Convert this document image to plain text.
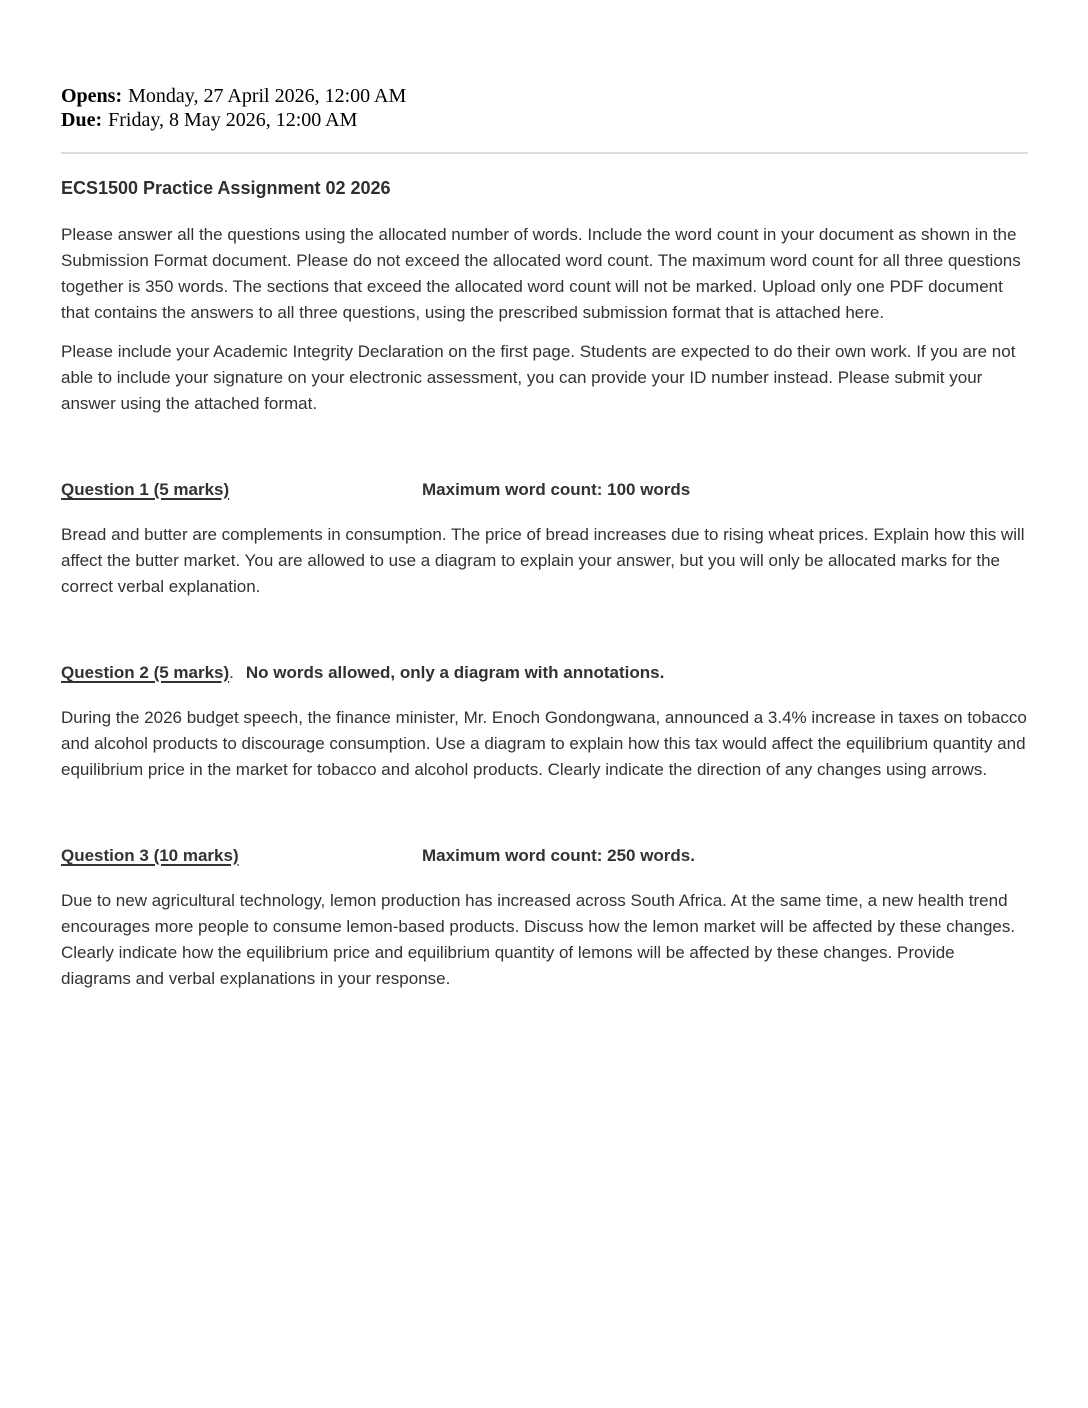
Opens: Monday, 27 April 2026, 12:00 AM

Due: Friday, 8 May 2026, 12:00 AM

ECS1500 Practice Assignment 02 2026

Please answer all the questions using the allocated number of words. Include the word count in your document as shown in the Submission Format document. Please do not exceed the allocated word count. The maximum word count for all three questions together is 350 words. The sections that exceed the allocated word count will not be marked. Upload only one PDF document that contains the answers to all three questions, using the prescribed submission format that is attached here.

Please include your Academic Integrity Declaration on the first page. Students are expected to do their own work. If you are not able to include your signature on your electronic assessment, you can provide your ID number instead. Please submit your answer using the attached format.

Question 1 (5 marks)	Maximum word count: 100 words

Bread and butter are complements in consumption. The price of bread increases due to rising wheat prices. Explain how this will affect the butter market. You are allowed to use a diagram to explain your answer, but you will only be allocated marks for the correct verbal explanation.

Question 2 (5 marks). No words allowed, only a diagram with annotations.

During the 2026 budget speech, the finance minister, Mr. Enoch Gondongwana, announced a 3.4% increase in taxes on tobacco and alcohol products to discourage consumption. Use a diagram to explain how this tax would affect the equilibrium quantity and equilibrium price in the market for tobacco and alcohol products. Clearly indicate the direction of any changes using arrows.

Question 3 (10 marks)	Maximum word count: 250 words.

Due to new agricultural technology, lemon production has increased across South Africa. At the same time, a new health trend encourages more people to consume lemon-based products. Discuss how the lemon market will be affected by these changes. Clearly indicate how the equilibrium price and equilibrium quantity of lemons will be affected by these changes. Provide diagrams and verbal explanations in your response.
